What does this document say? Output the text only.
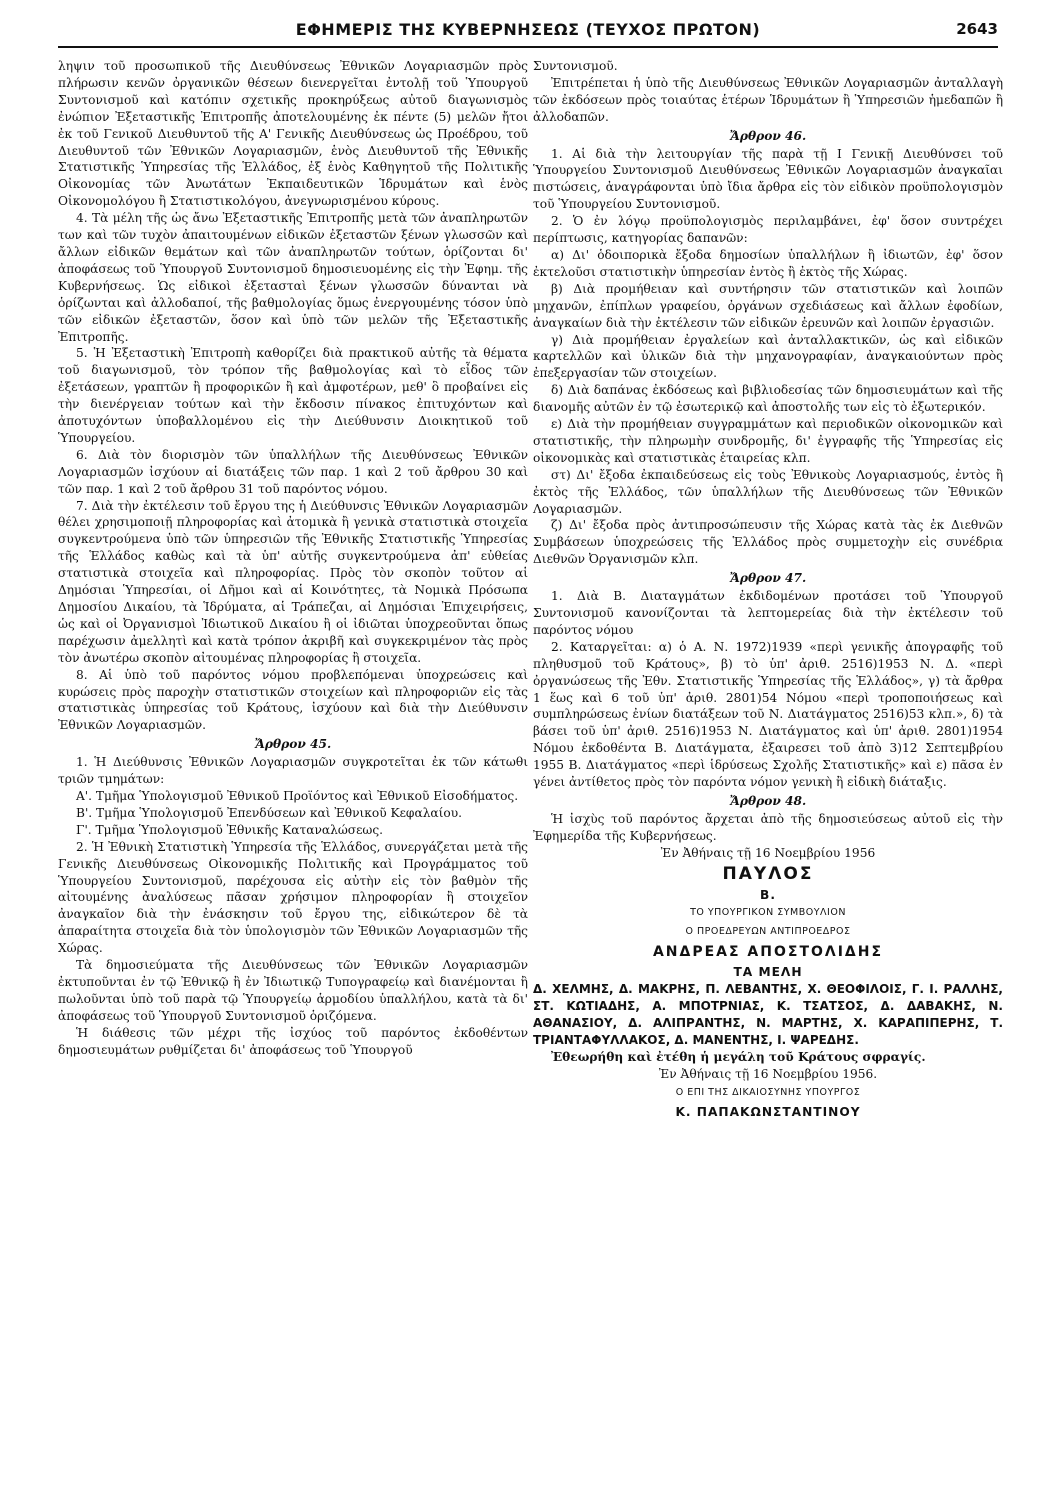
ΕΦΗΜΕΡΙΣ ΤΗΣ ΚΥΒΕΡΝΗΣΕΩΣ (ΤΕΥΧΟΣ ΠΡΩΤΟΝ)	2643

ληψιν τοῦ προσωπικοῦ τῆς Διευθύνσεως Ἐθνικῶν Λογαριασμῶν πρὸς πλήρωσιν κενῶν ὀργανικῶν θέσεων διενεργεῖται ἐντολῇ τοῦ Ὑπουργοῦ Συντονισμοῦ καὶ κατόπιν σχετικῆς προκηρύξεως αὐτοῦ διαγωνισμὸς ἐνώπιον Ἐξεταστικῆς Ἐπιτροπῆς ἀποτελουμένης ἐκ πέντε (5) μελῶν ἤτοι ἐκ τοῦ Γενικοῦ Διευθυντοῦ τῆς Α' Γενικῆς Διευθύνσεως ὡς Προέδρου, τοῦ Διευθυντοῦ τῶν Ἐθνικῶν Λογαριασμῶν, ἑνὸς Διευθυντοῦ τῆς Ἐθνικῆς Στατιστικῆς Ὑπηρεσίας τῆς Ἑλλάδος, ἐξ ἑνὸς Καθηγητοῦ τῆς Πολιτικῆς Οἰκονομίας τῶν Ἀνωτάτων Ἐκπαιδευτικῶν Ἱδρυμάτων καὶ ἑνὸς Οἰκονομολόγου ἢ Στατιστικολόγου, ἀνεγνωρισμένου κύρους.

4. Τὰ μέλη τῆς ὡς ἄνω Ἐξεταστικῆς Ἐπιτροπῆς μετὰ τῶν ἀναπληρωτῶν των καὶ τῶν τυχὸν ἀπαιτουμένων εἰδικῶν ἐξεταστῶν ξένων γλωσσῶν καὶ ἄλλων εἰδικῶν θεμάτων καὶ τῶν ἀναπληρωτῶν τούτων, ὁρίζονται δι' ἀποφάσεως τοῦ Ὑπουργοῦ Συντονισμοῦ δημοσιευομένης εἰς τὴν Ἐφημ. τῆς Κυβερνήσεως. Ὡς εἰδικοὶ ἐξετασταὶ ξένων γλωσσῶν δύνανται νὰ ὁρίζωνται καὶ ἀλλοδαποί, τῆς βαθμολογίας ὅμως ἐνεργουμένης τόσον ὑπὸ τῶν εἰδικῶν ἐξεταστῶν, ὅσον καὶ ὑπὸ τῶν μελῶν τῆς Ἐξεταστικῆς Ἐπιτροπῆς.

5. Ἡ Ἐξεταστικὴ Ἐπιτροπὴ καθορίζει διὰ πρακτικοῦ αὐτῆς τὰ θέματα τοῦ διαγωνισμοῦ, τὸν τρόπον τῆς βαθμολογίας καὶ τὸ εἶδος τῶν ἐξετάσεων, γραπτῶν ἢ προφορικῶν ἢ καὶ ἀμφοτέρων, μεθ' ὃ προβαίνει εἰς τὴν διενέργειαν τούτων καὶ τὴν ἔκδοσιν πίνακος ἐπιτυχόντων καὶ ἀποτυχόντων ὑποβαλλομένου εἰς τὴν Διεύθυνσιν Διοικητικοῦ τοῦ Ὑπουργείου.

6. Διὰ τὸν διορισμὸν τῶν ὑπαλλήλων τῆς Διευθύνσεως Ἐθνικῶν Λογαριασμῶν ἰσχύουν αἱ διατάξεις τῶν παρ. 1 καὶ 2 τοῦ ἄρθρου 30 καὶ τῶν παρ. 1 καὶ 2 τοῦ ἄρθρου 31 τοῦ παρόντος νόμου.

7. Διὰ τὴν ἐκτέλεσιν τοῦ ἔργου της ἡ Διεύθυνσις Ἐθνικῶν Λογαριασμῶν θέλει χρησιμοποιῇ πληροφορίας καὶ ἀτομικὰ ἢ γενικὰ στατιστικὰ στοιχεῖα συγκεντρούμενα ὑπὸ τῶν ὑπηρεσιῶν τῆς Ἐθνικῆς Στατιστικῆς Ὑπηρεσίας τῆς Ἑλλάδος καθὼς καὶ τὰ ὑπ' αὐτῆς συγκεντρούμενα ἀπ' εὐθείας στατιστικὰ στοιχεῖα καὶ πληροφορίας. Πρὸς τὸν σκοπὸν τοῦτον αἱ Δημόσιαι Ὑπηρεσίαι, οἱ Δῆμοι καὶ αἱ Κοινότητες, τὰ Νομικὰ Πρόσωπα Δημοσίου Δικαίου, τὰ Ἱδρύματα, αἱ Τράπεζαι, αἱ Δημόσιαι Ἐπιχειρήσεις, ὡς καὶ οἱ Ὀργανισμοὶ Ἰδιωτικοῦ Δικαίου ἢ οἱ ἰδιῶται ὑποχρεοῦνται ὅπως παρέχωσιν ἀμελλητὶ καὶ κατὰ τρόπον ἀκριβῆ καὶ συγκεκριμένον τὰς πρὸς τὸν ἀνωτέρω σκοπὸν αἰτουμένας πληροφορίας ἢ στοιχεῖα.

8. Αἱ ὑπὸ τοῦ παρόντος νόμου προβλεπόμεναι ὑποχρεώσεις καὶ κυρώσεις πρὸς παροχὴν στατιστικῶν στοιχείων καὶ πληροφοριῶν εἰς τὰς στατιστικὰς ὑπηρεσίας τοῦ Κράτους, ἰσχύουν καὶ διὰ τὴν Διεύθυνσιν Ἐθνικῶν Λογαριασμῶν.

Ἄρθρον 45.

1. Ἡ Διεύθυνσις Ἐθνικῶν Λογαριασμῶν συγκροτεῖται ἐκ τῶν κάτωθι τριῶν τμημάτων:

Α'. Τμῆμα Ὑπολογισμοῦ Ἐθνικοῦ Προϊόντος καὶ Ἐθνικοῦ Εἰσοδήματος.

Β'. Τμῆμα Ὑπολογισμοῦ Ἐπενδύσεων καὶ Ἐθνικοῦ Κεφαλαίου.

Γ'. Τμῆμα Ὑπολογισμοῦ Ἐθνικῆς Καταναλώσεως.

2. Ἡ Ἐθνικὴ Στατιστικὴ Ὑπηρεσία τῆς Ἑλλάδος, συνεργάζεται μετὰ τῆς Γενικῆς Διευθύνσεως Οἰκονομικῆς Πολιτικῆς καὶ Προγράμματος τοῦ Ὑπουργείου Συντονισμοῦ, παρέχουσα εἰς αὐτὴν εἰς τὸν βαθμὸν τῆς αἰτουμένης ἀναλύσεως πᾶσαν χρήσιμον πληροφορίαν ἢ στοιχεῖον ἀναγκαῖον διὰ τὴν ἐνάσκησιν τοῦ ἔργου της, εἰδικώτερον δὲ τὰ ἀπαραίτητα στοιχεῖα διὰ τὸν ὑπολογισμὸν τῶν Ἐθνικῶν Λογαριασμῶν τῆς Χώρας.

Τὰ δημοσιεύματα τῆς Διευθύνσεως τῶν Ἐθνικῶν Λογαριασμῶν ἐκτυποῦνται ἐν τῷ Ἐθνικῷ ἢ ἐν Ἰδιωτικῷ Τυπογραφείῳ καὶ διανέμονται ἢ πωλοῦνται ὑπὸ τοῦ παρὰ τῷ Ὑπουργείῳ ἁρμοδίου ὑπαλλήλου, κατὰ τὰ δι' ἀποφάσεως τοῦ Ὑπουργοῦ Συντονισμοῦ ὁριζόμενα.

Ἡ διάθεσις τῶν μέχρι τῆς ἰσχύος τοῦ παρόντος ἐκδοθέντων δημοσιευμάτων ρυθμίζεται δι' ἀποφάσεως τοῦ Ὑπουργοῦ

Συντονισμοῦ.

Ἐπιτρέπεται ἡ ὑπὸ τῆς Διευθύνσεως Ἐθνικῶν Λογαριασμῶν ἀνταλλαγὴ τῶν ἐκδόσεων πρὸς τοιαύτας ἑτέρων Ἱδρυμάτων ἢ Ὑπηρεσιῶν ἡμεδαπῶν ἢ ἀλλοδαπῶν.

Ἄρθρον 46.

1. Αἱ διὰ τὴν λειτουργίαν τῆς παρὰ τῇ Ι Γενικῇ Διευθύνσει τοῦ Ὑπουργείου Συντονισμοῦ Διευθύνσεως Ἐθνικῶν Λογαριασμῶν ἀναγκαῖαι πιστώσεις, ἀναγράφονται ὑπὸ ἴδια ἄρθρα εἰς τὸν εἰδικὸν προϋπολογισμὸν τοῦ Ὑπουργείου Συντονισμοῦ.

2. Ὁ ἐν λόγῳ προϋπολογισμὸς περιλαμβάνει, ἐφ' ὅσον συντρέχει περίπτωσις, κατηγορίας δαπανῶν:

α) Δι' ὁδοιπορικὰ ἔξοδα δημοσίων ὑπαλλήλων ἢ ἰδιωτῶν, ἐφ' ὅσον ἐκτελοῦσι στατιστικὴν ὑπηρεσίαν ἐντὸς ἢ ἐκτὸς τῆς Χώρας.

β) Διὰ προμήθειαν καὶ συντήρησιν τῶν στατιστικῶν καὶ λοιπῶν μηχανῶν, ἐπίπλων γραφείου, ὀργάνων σχεδιάσεως καὶ ἄλλων ἐφοδίων, ἀναγκαίων διὰ τὴν ἐκτέλεσιν τῶν εἰδικῶν ἐρευνῶν καὶ λοιπῶν ἐργασιῶν.

γ) Διὰ προμήθειαν ἐργαλείων καὶ ἀνταλλακτικῶν, ὡς καὶ εἰδικῶν καρτελλῶν καὶ ὑλικῶν διὰ τὴν μηχανογραφίαν, ἀναγκαιούντων πρὸς ἐπεξεργασίαν τῶν στοιχείων.

δ) Διὰ δαπάνας ἐκδόσεως καὶ βιβλιοδεσίας τῶν δημοσιευμάτων καὶ τῆς διανομῆς αὐτῶν ἐν τῷ ἐσωτερικῷ καὶ ἀποστολῆς των εἰς τὸ ἐξωτερικόν.

ε) Διὰ τὴν προμήθειαν συγγραμμάτων καὶ περιοδικῶν οἰκονομικῶν καὶ στατιστικῆς, τὴν πληρωμὴν συνδρομῆς, δι' ἐγγραφῆς τῆς Ὑπηρεσίας εἰς οἰκονομικὰς καὶ στατιστικὰς ἑταιρείας κλπ.

στ) Δι' ἔξοδα ἐκπαιδεύσεως εἰς τοὺς Ἐθνικοὺς Λογαριασμούς, ἐντὸς ἢ ἐκτὸς τῆς Ἑλλάδος, τῶν ὑπαλλήλων τῆς Διευθύνσεως τῶν Ἐθνικῶν Λογαριασμῶν.

ζ) Δι' ἔξοδα πρὸς ἀντιπροσώπευσιν τῆς Χώρας κατὰ τὰς ἐκ Διεθνῶν Συμβάσεων ὑποχρεώσεις τῆς Ἑλλάδος πρὸς συμμετοχὴν εἰς συνέδρια Διεθνῶν Ὀργανισμῶν κλπ.

Ἄρθρον 47.

1. Διὰ Β. Διαταγμάτων ἐκδιδομένων προτάσει τοῦ Ὑπουργοῦ Συντονισμοῦ κανονίζονται τὰ λεπτομερείας διὰ τὴν ἐκτέλεσιν τοῦ παρόντος νόμου

2. Καταργεῖται: α) ὁ Α. Ν. 1972)1939 «περὶ γενικῆς ἀπογραφῆς τοῦ πληθυσμοῦ τοῦ Κράτους», β) τὸ ὑπ' ἀριθ. 2516)1953 Ν. Δ. «περὶ ὀργανώσεως τῆς Ἐθν. Στατιστικῆς Ὑπηρεσίας τῆς Ἑλλάδος», γ) τὰ ἄρθρα 1 ἕως καὶ 6 τοῦ ὑπ' ἀριθ. 2801)54 Νόμου «περὶ τροποποιήσεως καὶ συμπληρώσεως ἐνίων διατάξεων τοῦ Ν. Διατάγματος 2516)53 κλπ.», δ) τὰ βάσει τοῦ ὑπ' ἀριθ. 2516)1953 Ν. Διατάγματος καὶ ὑπ' ἀριθ. 2801)1954 Νόμου ἐκδοθέντα Β. Διατάγματα, ἐξαιρεσει τοῦ ἀπὸ 3)12 Σεπτεμβρίου 1955 Β. Διατάγματος «περὶ ἱδρύσεως Σχολῆς Στατιστικῆς» καὶ ε) πᾶσα ἐν γένει ἀντίθετος πρὸς τὸν παρόντα νόμον γενικὴ ἢ εἰδικὴ διάταξις.

Ἄρθρον 48.

Ἡ ἰσχὺς τοῦ παρόντος ἄρχεται ἀπὸ τῆς δημοσιεύσεως αὐτοῦ εἰς τὴν Ἐφημερίδα τῆς Κυβερνήσεως.

Ἐν Ἀθήναις τῇ 16 Νοεμβρίου 1956

ΠΑΥΛΟΣ
Β.
ΤΟ ΥΠΟΥΡΓΙΚΟΝ ΣΥΜΒΟΥΛΙΟΝ
Ο ΠΡΟΕΔΡΕΥΩΝ ΑΝΤΙΠΡΟΕΔΡΟΣ
ΑΝΔΡΕΑΣ ΑΠΟΣΤΟΛΙΔΗΣ
ΤΑ ΜΕΛΗ
Δ. ΧΕΛΜΗΣ, Δ. ΜΑΚΡΗΣ, Π. ΛΕΒΑΝΤΗΣ, Χ. ΘΕΟΦΙΛΟΙΣ, Γ. Ι. ΡΑΛΛΗΣ, ΣΤ. ΚΩΤΙΑΔΗΣ, Α. ΜΠΟΤΡΝΙΑΣ, Κ. ΤΣΑΤΣΟΣ, Δ. ΔΑΒΑΚΗΣ, Ν. ΑΘΑΝΑΣΙΟΥ, Δ. ΑΛΙΠΡΑΝΤΗΣ, Ν. ΜΑΡΤΗΣ, Χ. ΚΑΡΑΠΙΠΕΡΗΣ, Τ. ΤΡΙΑΝΤΑΦΥΛΛΑΚΟΣ, Δ. ΜΑΝΕΝΤΗΣ, Ι. ΨΑΡΕΔΗΣ.

Ἐθεωρήθη καὶ ἐτέθη ἡ μεγάλη τοῦ Κράτους σφραγίς.

Ἐν Ἀθήναις τῇ 16 Νοεμβρίου 1956.

Ο ΕΠΙ ΤΗΣ ΔΙΚΑΙΟΣΥΝΗΣ ΥΠΟΥΡΓΟΣ
Κ. ΠΑΠΑΚΩΝΣΤΑΝΤΙΝΟΥ
